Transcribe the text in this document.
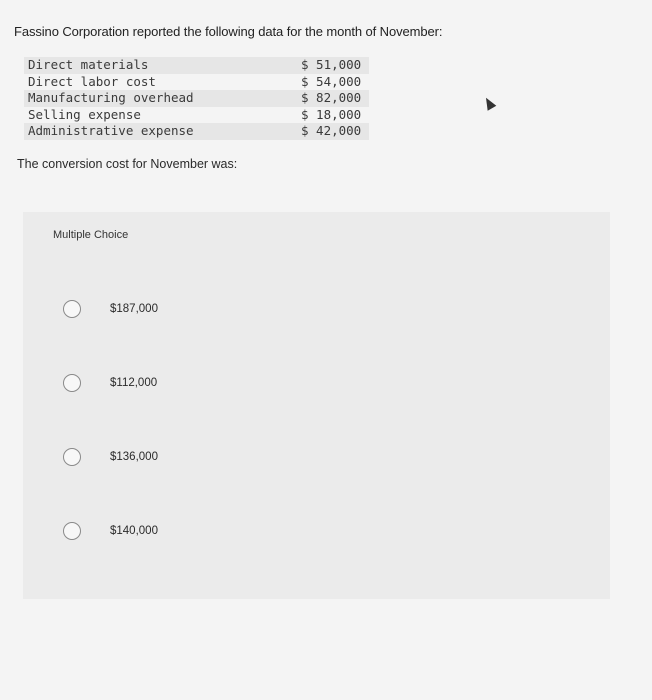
Fassino Corporation reported the following data for the month of November:
Direct materials	$ 51,000
Direct labor cost	$ 54,000
Manufacturing overhead	$ 82,000
Selling expense	$ 18,000
Administrative expense	$ 42,000
The conversion cost for November was:
Multiple Choice
$187,000
$112,000
$136,000
$140,000
